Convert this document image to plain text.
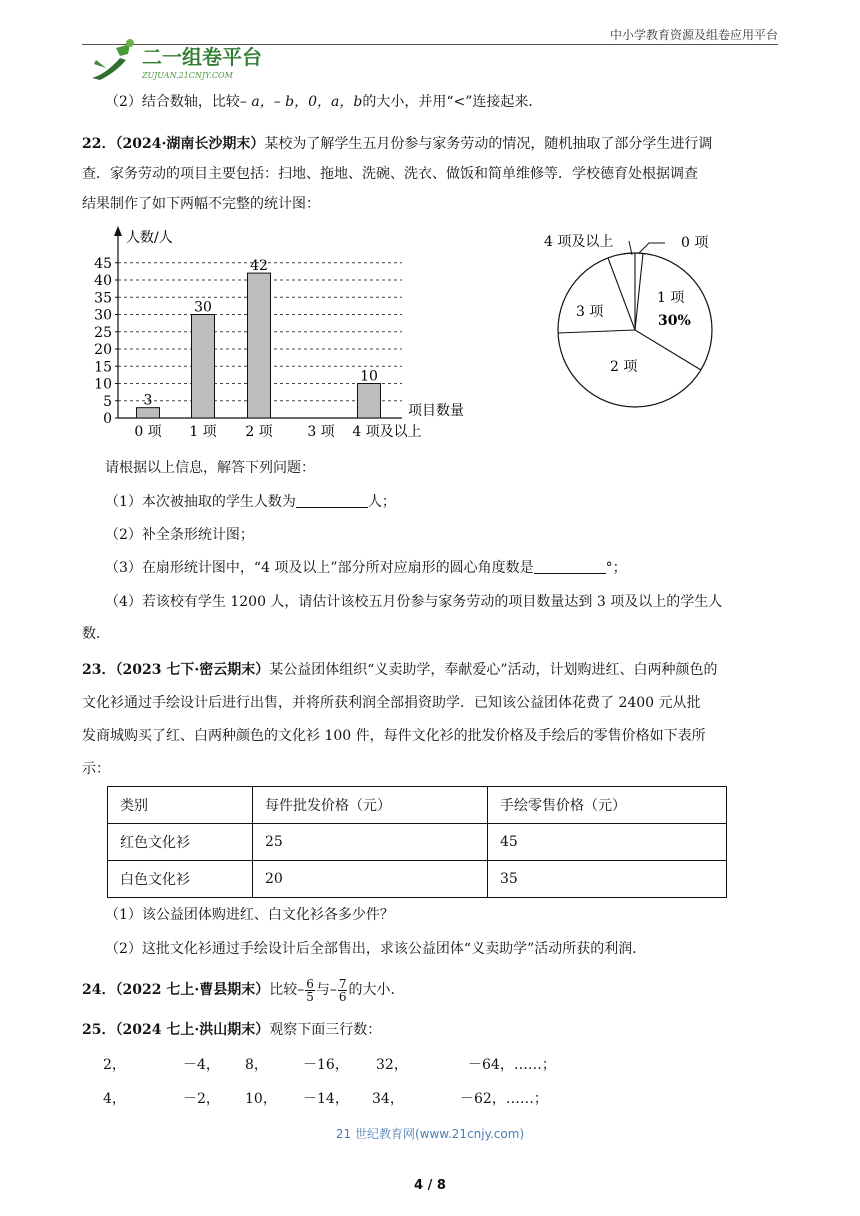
中小学教育资源及组卷应用平台
二一组卷平台
ZUJUAN.21CNJY.COM
（2）结合数轴，比较– a，– b，0，a，b的大小，并用“<”连接起来．
22．（2024·湖南长沙期末）某校为了解学生五月份参与家务劳动的情况，随机抽取了部分学生进行调
查．家务劳动的项目主要包括：扫地、拖地、洗碗、洗衣、做饭和简单维修等．学校德育处根据调查
结果制作了如下两幅不完整的统计图：
人数/人
项目数量
0
5
10
15
20
25
30
35
40
45
3
30
42
10
0 项 1 项 2 项 3 项 4 项及以上
0 项
1 项
30%
2 项
3 项
4 项及以上
请根据以上信息，解答下列问题：
（1）本次被抽取的学生人数为	人；
（2）补全条形统计图；
（3）在扇形统计图中，“4 项及以上”部分所对应扇形的圆心角度数是	°；
（4）若该校有学生 1200 人，请估计该校五月份参与家务劳动的项目数量达到 3 项及以上的学生人
数．
23．（2023 七下·密云期末）某公益团体组织“义卖助学，奉献爱心”活动，计划购进红、白两种颜色的
文化衫通过手绘设计后进行出售，并将所获利润全部捐资助学．已知该公益团体花费了 2400 元从批
发商城购买了红、白两种颜色的文化衫 100 件，每件文化衫的批发价格及手绘后的零售价格如下表所
示：
类别	每件批发价格（元）	手绘零售价格（元）
红色文化衫	25	45
白色文化衫	20	35
（1）该公益团体购进红、白文化衫各多少件？
（2）这批文化衫通过手绘设计后全部售出，求该公益团体“义卖助学”活动所获的利润．
24．（2022 七上·曹县期末）比较– $\frac{6}{5}$ 与– $\frac{7}{6}$ 的大小．
25．（2024 七上·洪山期末）观察下面三行数：
2，	－4， 8，	－16， 32，	－64，……；
4，	－2， 10， －14， 34，	－62，……；
21 世纪教育网(www.21cnjy.com)
4 / 8
